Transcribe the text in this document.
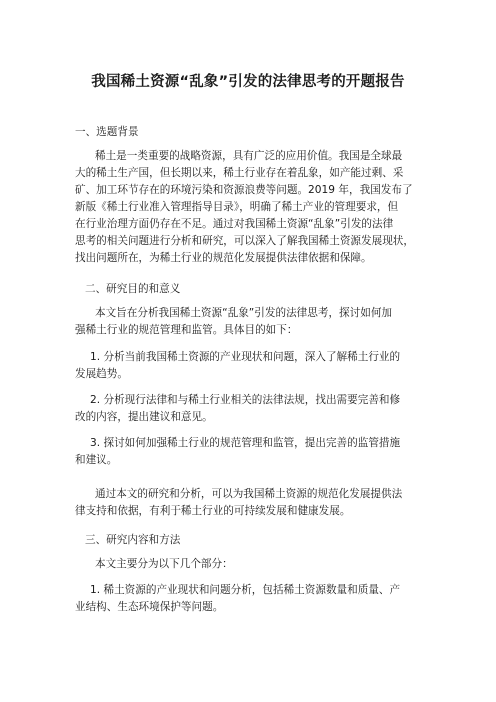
我国稀土资源“乱象”引发的法律思考的开题报告
一、选题背景
稀土是一类重要的战略资源，具有广泛的应用价值。我国是全球最
大的稀土生产国，但长期以来，稀土行业存在着乱象，如产能过剩、采
矿、加工环节存在的环境污染和资源浪费等问题。2019 年，我国发布了
新版《稀土行业准入管理指导目录》，明确了稀土产业的管理要求，但
在行业治理方面仍存在不足。通过对我国稀土资源“乱象”引发的法律
思考的相关问题进行分析和研究，可以深入了解我国稀土资源发展现状，
找出问题所在，为稀土行业的规范化发展提供法律依据和保障。
二、研究目的和意义
本文旨在分析我国稀土资源“乱象”引发的法律思考，探讨如何加
强稀土行业的规范管理和监管。具体目的如下：
1. 分析当前我国稀土资源的产业现状和问题，深入了解稀土行业的
发展趋势。
2. 分析现行法律和与稀土行业相关的法律法规，找出需要完善和修
改的内容，提出建议和意见。
3. 探讨如何加强稀土行业的规范管理和监管，提出完善的监管措施
和建议。
通过本文的研究和分析，可以为我国稀土资源的规范化发展提供法
律支持和依据，有利于稀土行业的可持续发展和健康发展。
三、研究内容和方法
本文主要分为以下几个部分：
1. 稀土资源的产业现状和问题分析，包括稀土资源数量和质量、产
业结构、生态环境保护等问题。
